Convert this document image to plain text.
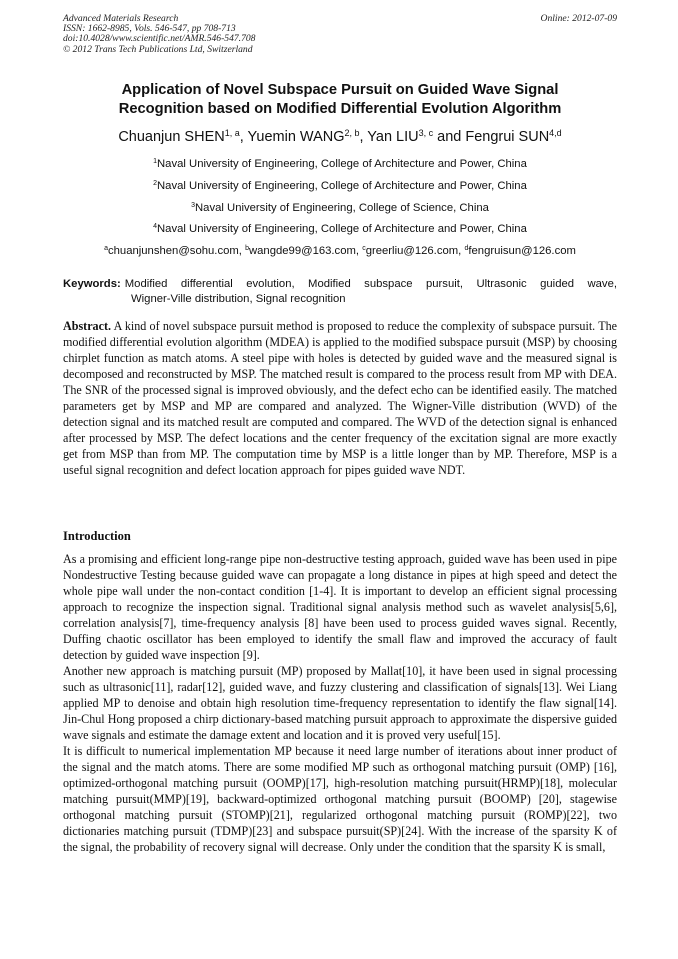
Advanced Materials Research
ISSN: 1662-8985, Vols. 546-547, pp 708-713
doi:10.4028/www.scientific.net/AMR.546-547.708
© 2012 Trans Tech Publications Ltd, Switzerland
Online: 2012-07-09
Application of Novel Subspace Pursuit on Guided Wave Signal
Recognition based on Modified Differential Evolution Algorithm
Chuanjun SHEN$^{1, a}$, Yuemin WANG$^{2, b}$, Yan LIU$^{3, c}$ and Fengrui SUN$^{4,d}$
$^1$Naval University of Engineering, College of Architecture and Power, China
$^2$Naval University of Engineering, College of Architecture and Power, China
$^3$Naval University of Engineering, College of Science, China
$^4$Naval University of Engineering, College of Architecture and Power, China
$^a$chuanjunshen@sohu.com, $^b$wangde99@163.com, $^c$greerliu@126.com, $^d$fengruisun@126.com
Keywords: Modified differential evolution, Modified subspace pursuit, Ultrasonic guided wave,
Wigner-Ville distribution, Signal recognition
Abstract. A kind of novel subspace pursuit method is proposed to reduce the complexity of subspace pursuit. The modified differential evolution algorithm (MDEA) is applied to the modified subspace pursuit (MSP) by choosing chirplet function as match atoms. A steel pipe with holes is detected by guided wave and the measured signal is decomposed and reconstructed by MSP. The matched result is compared to the process result from MP with DEA. The SNR of the processed signal is improved obviously, and the defect echo can be identified easily. The matched parameters get by MSP and MP are compared and analyzed. The Wigner-Ville distribution (WVD) of the detection signal and its matched result are computed and compared. The WVD of the detection signal is enhanced after processed by MSP. The defect locations and the center frequency of the excitation signal are more exactly get from MSP than from MP. The computation time by MSP is a little longer than by MP. Therefore, MSP is a useful signal recognition and defect location approach for pipes guided wave NDT.
Introduction

As a promising and efficient long-range pipe non-destructive testing approach, guided wave has been used in pipe Nondestructive Testing because guided wave can propagate a long distance in pipes at high speed and detect the whole pipe wall under the non-contact condition [1-4]. It is important to develop an efficient signal processing approach to recognize the inspection signal. Traditional signal analysis method such as wavelet analysis[5,6], correlation analysis[7], time-frequency analysis [8] have been used to process guided waves signal. Recently, Duffing chaotic oscillator has been employed to identify the small flaw and improved the accuracy of fault detection by guided wave inspection [9].

Another new approach is matching pursuit (MP) proposed by Mallat[10], it have been used in signal processing such as ultrasonic[11], radar[12], guided wave, and fuzzy clustering and classification of signals[13]. Wei Liang applied MP to denoise and obtain high resolution time-frequency representation to identify the flaw signal[14]. Jin-Chul Hong proposed a chirp dictionary-based matching pursuit approach to approximate the dispersive guided wave signals and estimate the damage extent and location and it is proved very useful[15].

It is difficult to numerical implementation MP because it need large number of iterations about inner product of the signal and the match atoms. There are some modified MP such as orthogonal matching pursuit (OMP) [16], optimized-orthogonal matching pursuit (OOMP)[17], high-resolution matching pursuit(HRMP)[18], molecular matching pursuit(MMP)[19], backward-optimized orthogonal matching pursuit (BOOMP) [20], stagewise orthogonal matching pursuit (STOMP)[21], regularized orthogonal matching pursuit (ROMP)[22], two dictionaries matching pursuit (TDMP)[23] and subspace pursuit(SP)[24]. With the increase of the sparsity K of the signal, the probability of recovery signal will decrease. Only under the condition that the sparsity K is small,
